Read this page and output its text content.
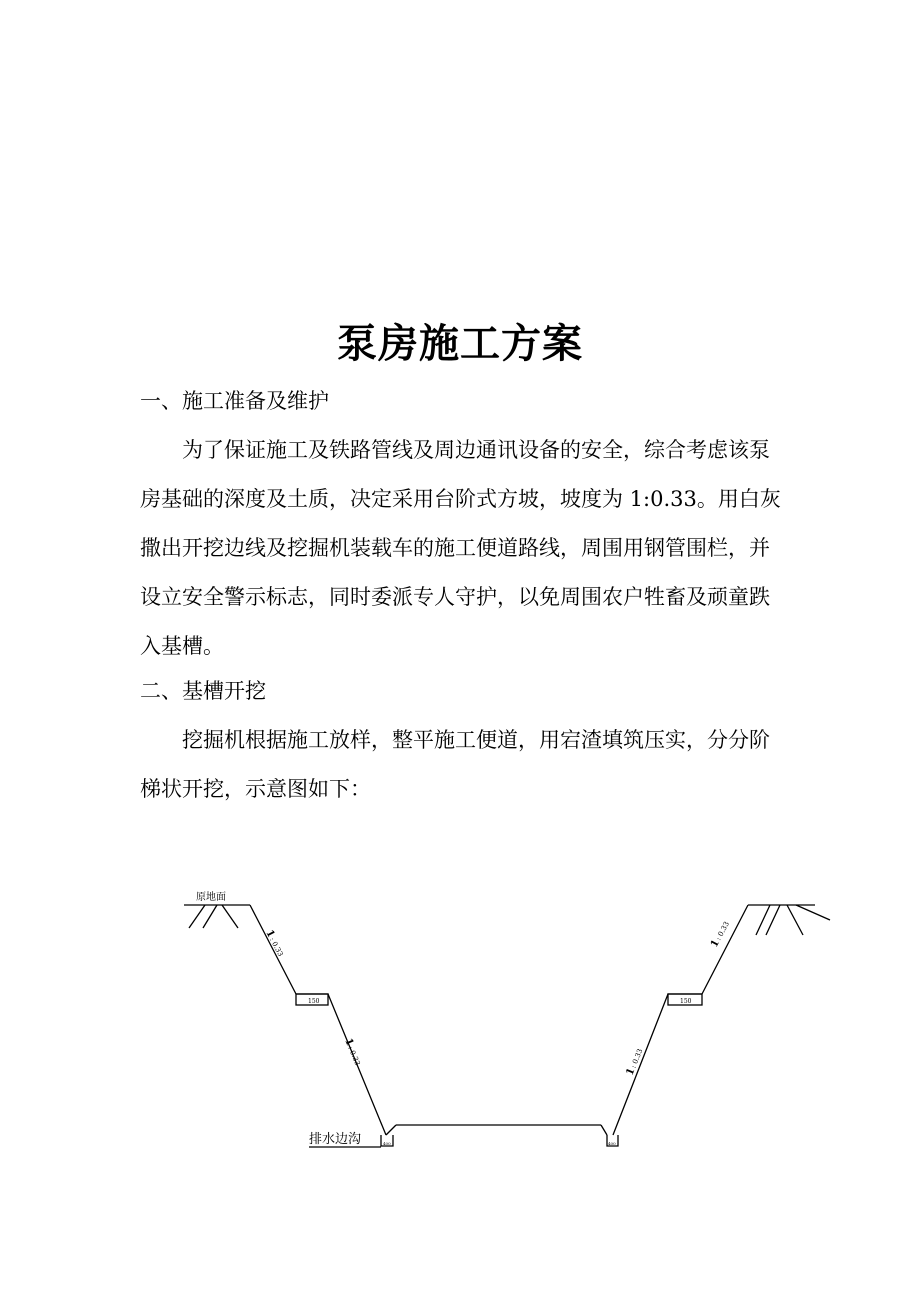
泵房施工方案
一、施工准备及维护

为了保证施工及铁路管线及周边通讯设备的安全，综合考虑该泵
房基础的深度及土质，决定采用台阶式方坡，坡度为 1:0.33。用白灰
撒出开挖边线及挖掘机装载车的施工便道路线，周围用钢管围栏，并
设立安全警示标志，同时委派专人守护，以免周围农户牲畜及顽童跌
入基槽。

二、基槽开挖

挖掘机根据施工放样，整平施工便道，用宕渣填筑压实，分分阶
梯状开挖，示意图如下：

原地面
排水边沟
150	150
400	400
1
: 0.33
1
: 0.33
1
: 0.33
1
: 0.33
